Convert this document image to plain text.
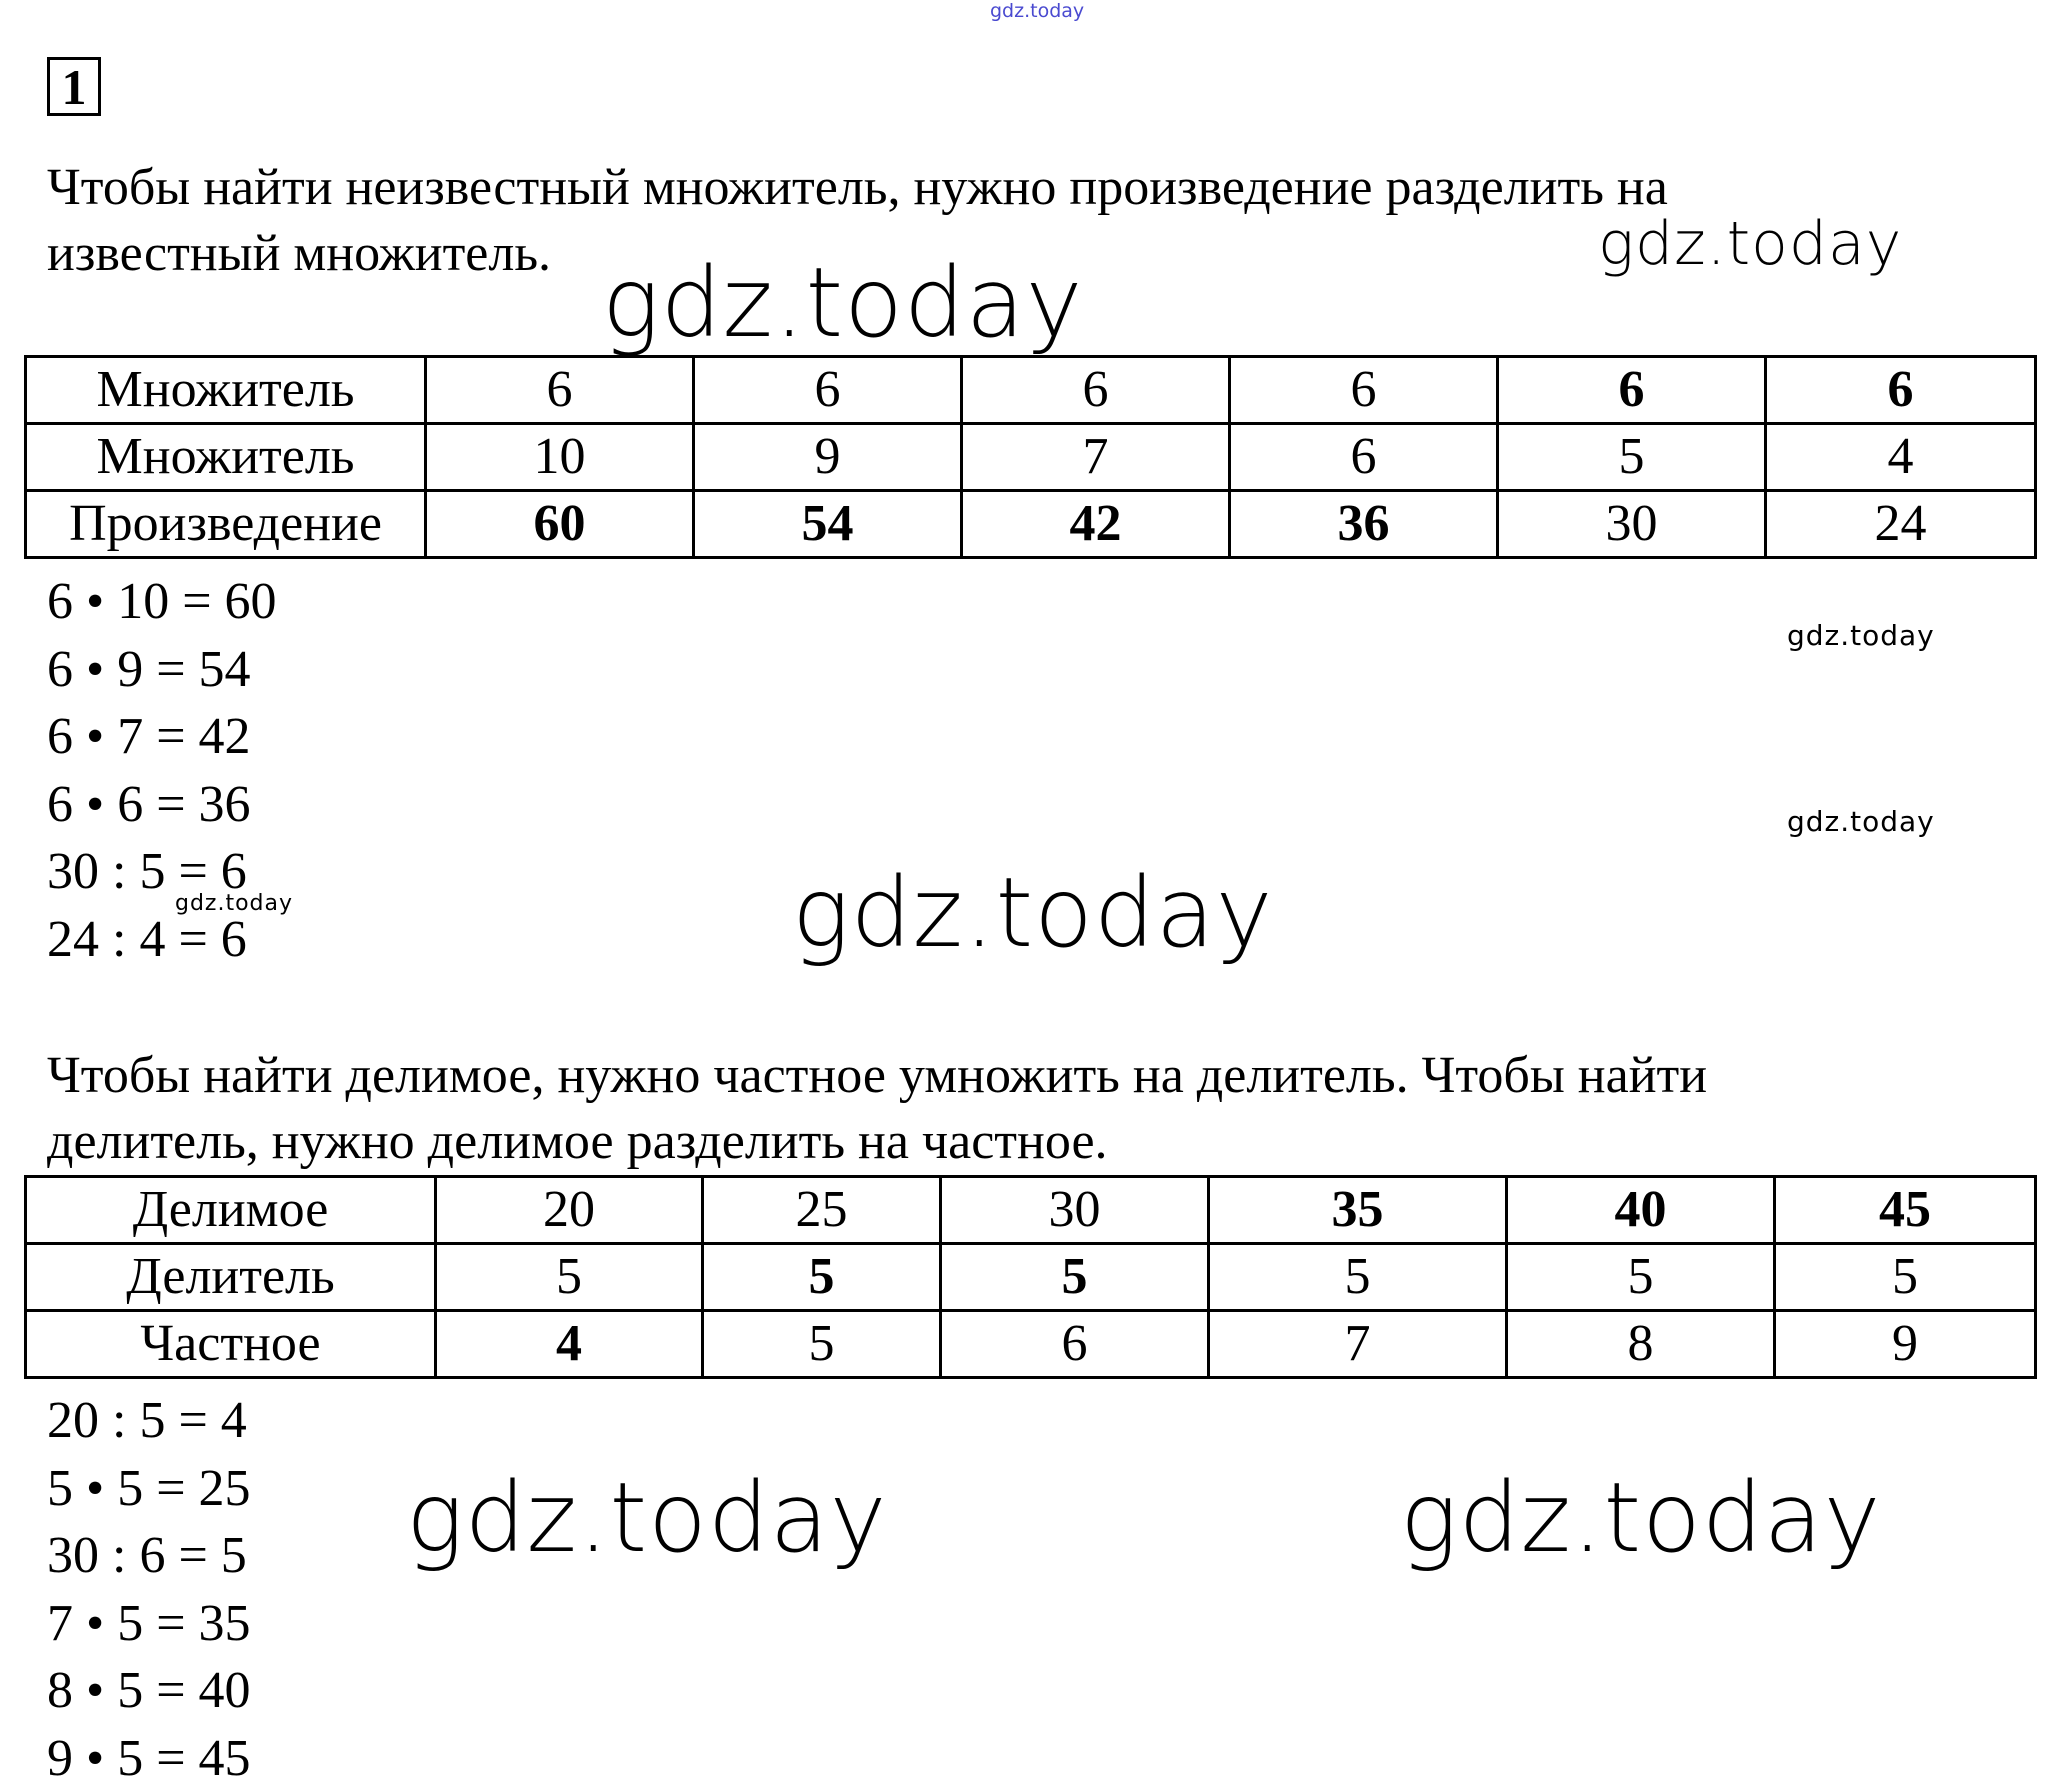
gdz.today
gdz.today
gdz.today
gdz.today
gdz.today
gdz.today	gdz.today
gdz.today	gdz.today
1

Чтобы найти неизвестный множитель, нужно произведение разделить на
известный множитель.

Множитель	6	6	6	6	6	6
Множитель	10	9	7	6	5	4
Произведение	60	54	42	36	30	24
6 • 10 = 60
6 • 9 = 54
6 • 7 = 42
6 • 6 = 36
30 : 5 = 6
24 : 4 = 6

Чтобы найти делимое, нужно частное умножить на делитель. Чтобы найти
делитель, нужно делимое разделить на частное.

Делимое	20	25	30	35	40	45
Делитель	5	5	5	5	5	5
Частное	4	5	6	7	8	9
20 : 5 = 4
5 • 5 = 25
30 : 6 = 5
7 • 5 = 35
8 • 5 = 40
9 • 5 = 45
